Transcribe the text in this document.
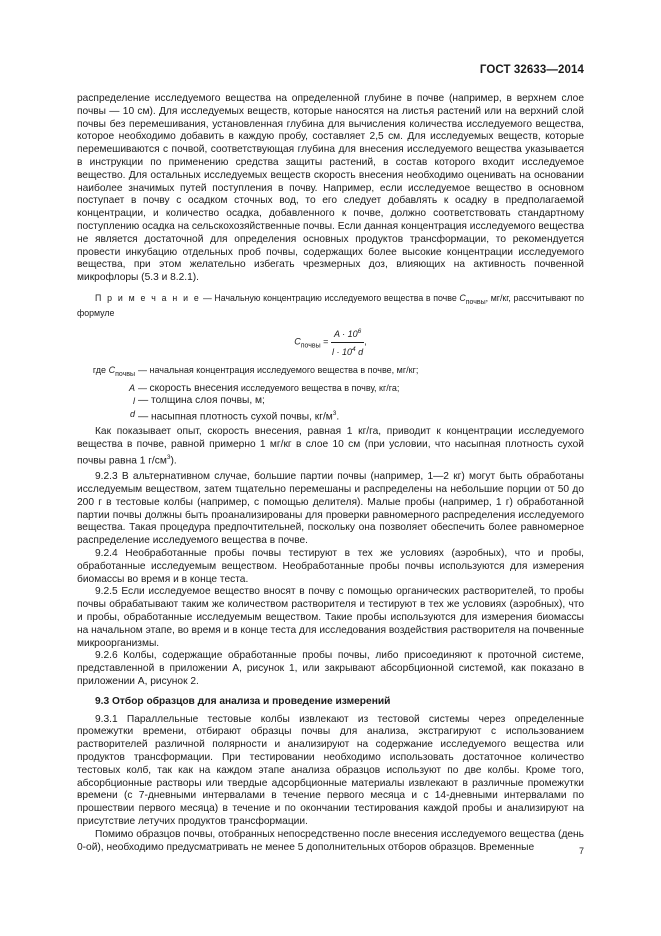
ГОСТ 32633—2014

распределение исследуемого вещества на определенной глубине в почве (например, в верхнем слое почвы — 10 см). Для исследуемых веществ, которые наносятся на листья растений или на верхний слой почвы без перемешивания, установленная глубина для вычисления количества исследуемого вещества, которое необходимо добавить в каждую пробу, составляет 2,5 см. Для исследуемых веществ, которые перемешиваются с почвой, соответствующая глубина для внесения исследуемого вещества указывается в инструкции по применению средства защиты растений, в состав которого входит исследуемое вещество. Для остальных исследуемых веществ скорость внесения необходимо оценивать на основании наиболее значимых путей поступления в почву. Например, если исследуемое вещество в основном поступает в почву с осадком сточных вод, то его следует добавлять к осадку в предполагаемой концентрации, и количество осадка, добавленного к почве, должно соответствовать стандартному поступлению осадка на сельскохозяйственные почвы. Если данная концентрация исследуемого вещества не является достаточной для определения основных продуктов трансформации, то рекомендуется провести инкубацию отдельных проб почвы, содержащих более высокие концентрации исследуемого вещества, при этом желательно избегать чрезмерных доз, влияющих на активность почвенной микрофлоры (5.3 и 8.2.1).

П р и м е ч а н и е — Начальную концентрацию исследуемого вещества в почве $C_{почвы}$, мг/кг, рассчитывают по формуле

$C_{почвы} = \frac{A \cdot 10^6}{l \cdot 10^4 d}$ ,
где $C_{почвы}$ — начальная концентрация исследуемого вещества в почве, мг/кг;
A — скорость внесения исследуемого вещества в почву, кг/га;
l — толщина слоя почвы, м;
d — насыпная плотность сухой почвы, $кг/м^3$.

Как показывает опыт, скорость внесения, равная 1 кг/га, приводит к концентрации исследуемого вещества в почве, равной примерно 1 мг/кг в слое 10 см (при условии, что насыпная плотность сухой почвы равна 1 $г/см^3$).

9.2.3 В альтернативном случае, большие партии почвы (например, 1—2 кг) могут быть обработаны исследуемым веществом, затем тщательно перемешаны и распределены на небольшие порции от 50 до 200 г в тестовые колбы (например, с помощью делителя). Малые пробы (например, 1 г) обработанной партии почвы должны быть проанализированы для проверки равномерного распределения исследуемого вещества. Такая процедура предпочтительней, поскольку она позволяет обеспечить более равномерное распределение исследуемого вещества в почве.

9.2.4 Необработанные пробы почвы тестируют в тех же условиях (аэробных), что и пробы, обработанные исследуемым веществом. Необработанные пробы почвы используются для измерения биомассы во время и в конце теста.

9.2.5 Если исследуемое вещество вносят в почву с помощью органических растворителей, то пробы почвы обрабатывают таким же количеством растворителя и тестируют в тех же условиях (аэробных), что и пробы, обработанные исследуемым веществом. Такие пробы используются для измерения биомассы на начальном этапе, во время и в конце теста для исследования воздействия растворителя на почвенные микроорганизмы.

9.2.6 Колбы, содержащие обработанные пробы почвы, либо присоединяют к проточной системе, представленной в приложении А, рисунок 1, или закрывают абсорбционной системой, как показано в приложении А, рисунок 2.

9.3 Отбор образцов для анализа и проведение измерений

9.3.1 Параллельные тестовые колбы извлекают из тестовой системы через определенные промежутки времени, отбирают образцы почвы для анализа, экстрагируют с использованием растворителей различной полярности и анализируют на содержание исследуемого вещества или продуктов трансформации. При тестировании необходимо использовать достаточное количество тестовых колб, так как на каждом этапе анализа образцов используют по две колбы. Кроме того, абсорбционные растворы или твердые адсорбционные материалы извлекают в различные промежутки времени (с 7-дневными интервалами в течение первого месяца и с 14-дневными интервалами по прошествии первого месяца) в течение и по окончании тестирования каждой пробы и анализируют на присутствие летучих продуктов трансформации.

Помимо образцов почвы, отобранных непосредственно после внесения исследуемого вещества (день 0-ой), необходимо предусматривать не менее 5 дополнительных отборов образцов. Временные	7
